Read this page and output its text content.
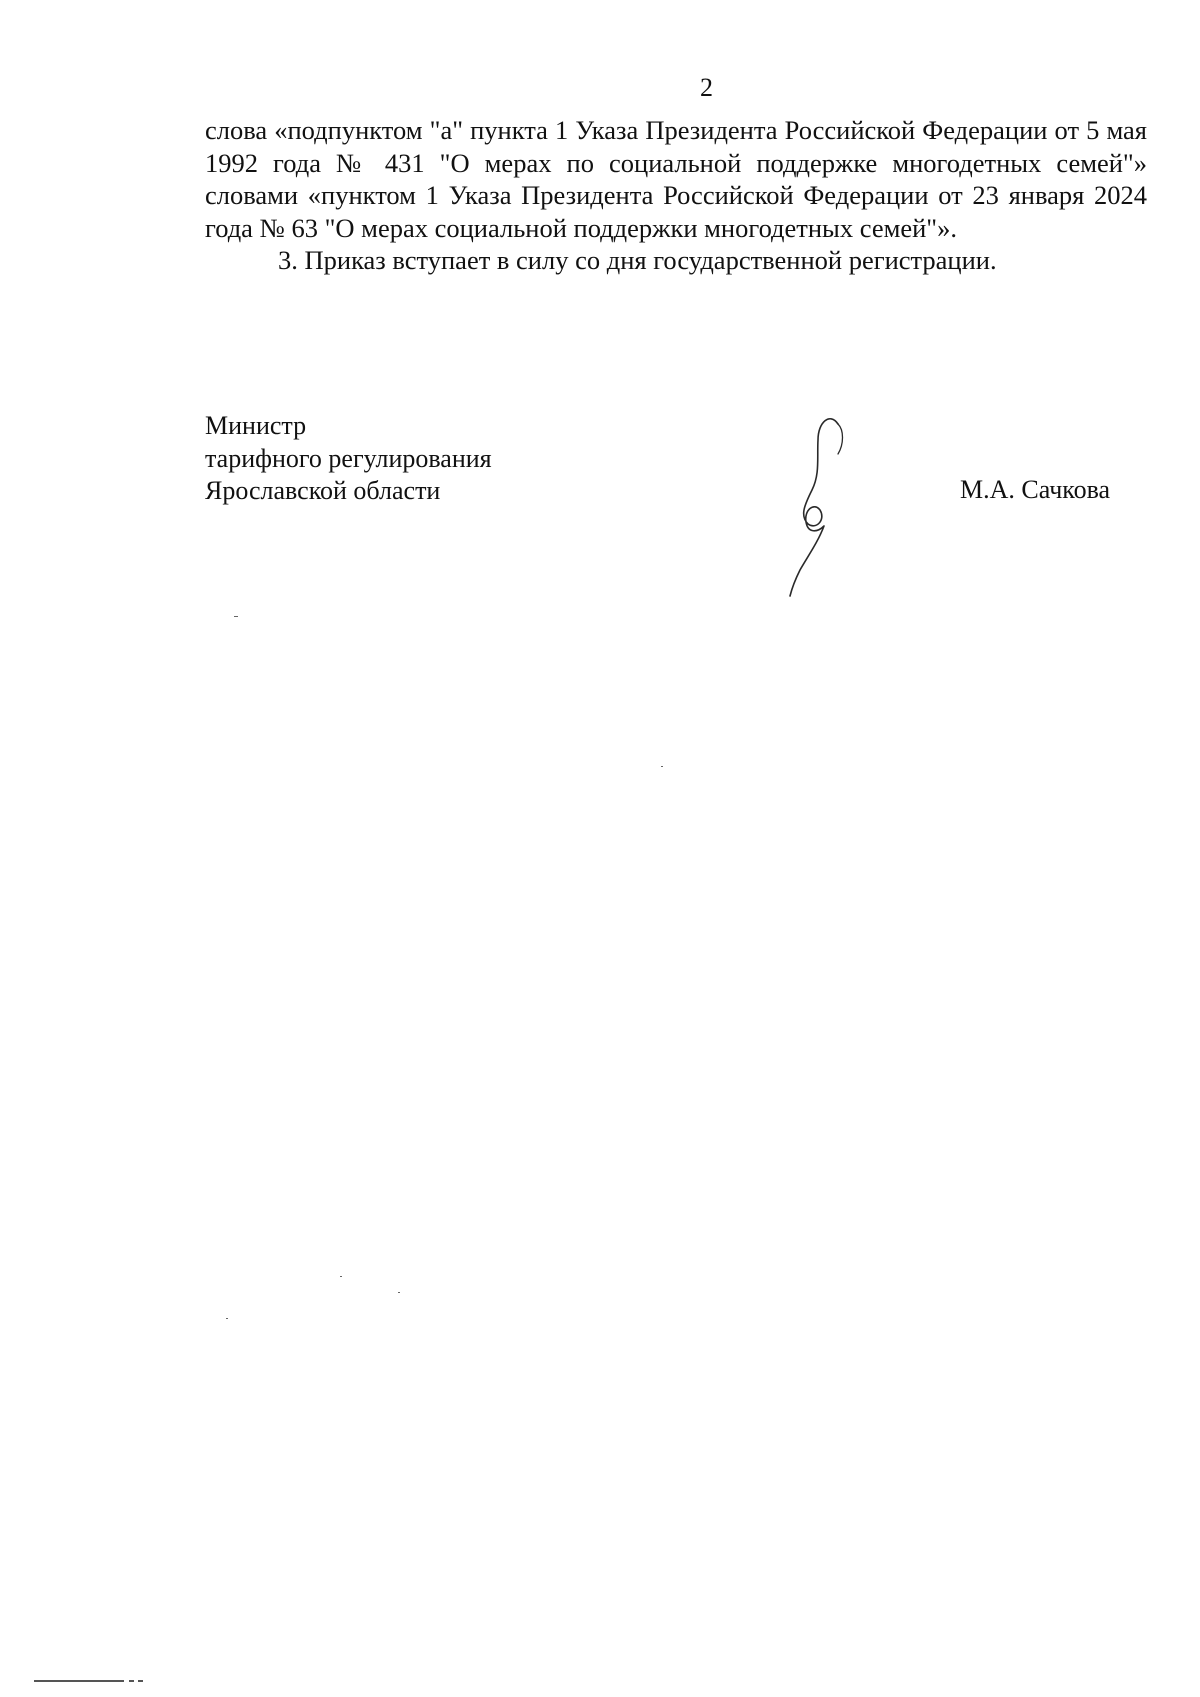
2

слова «подпунктом "а" пункта 1 Указа Президента Российской Федерации от 5 мая 1992 года № 431 "О мерах по социальной поддержке многодетных семей"» словами «пунктом 1 Указа Президента Российской Федерации от 23 января 2024 года № 63 "О мерах социальной поддержки многодетных семей"».

3. Приказ вступает в силу со дня государственной регистрации.

Министр
тарифного регулирования
Ярославской области	М.А. Сачкова
